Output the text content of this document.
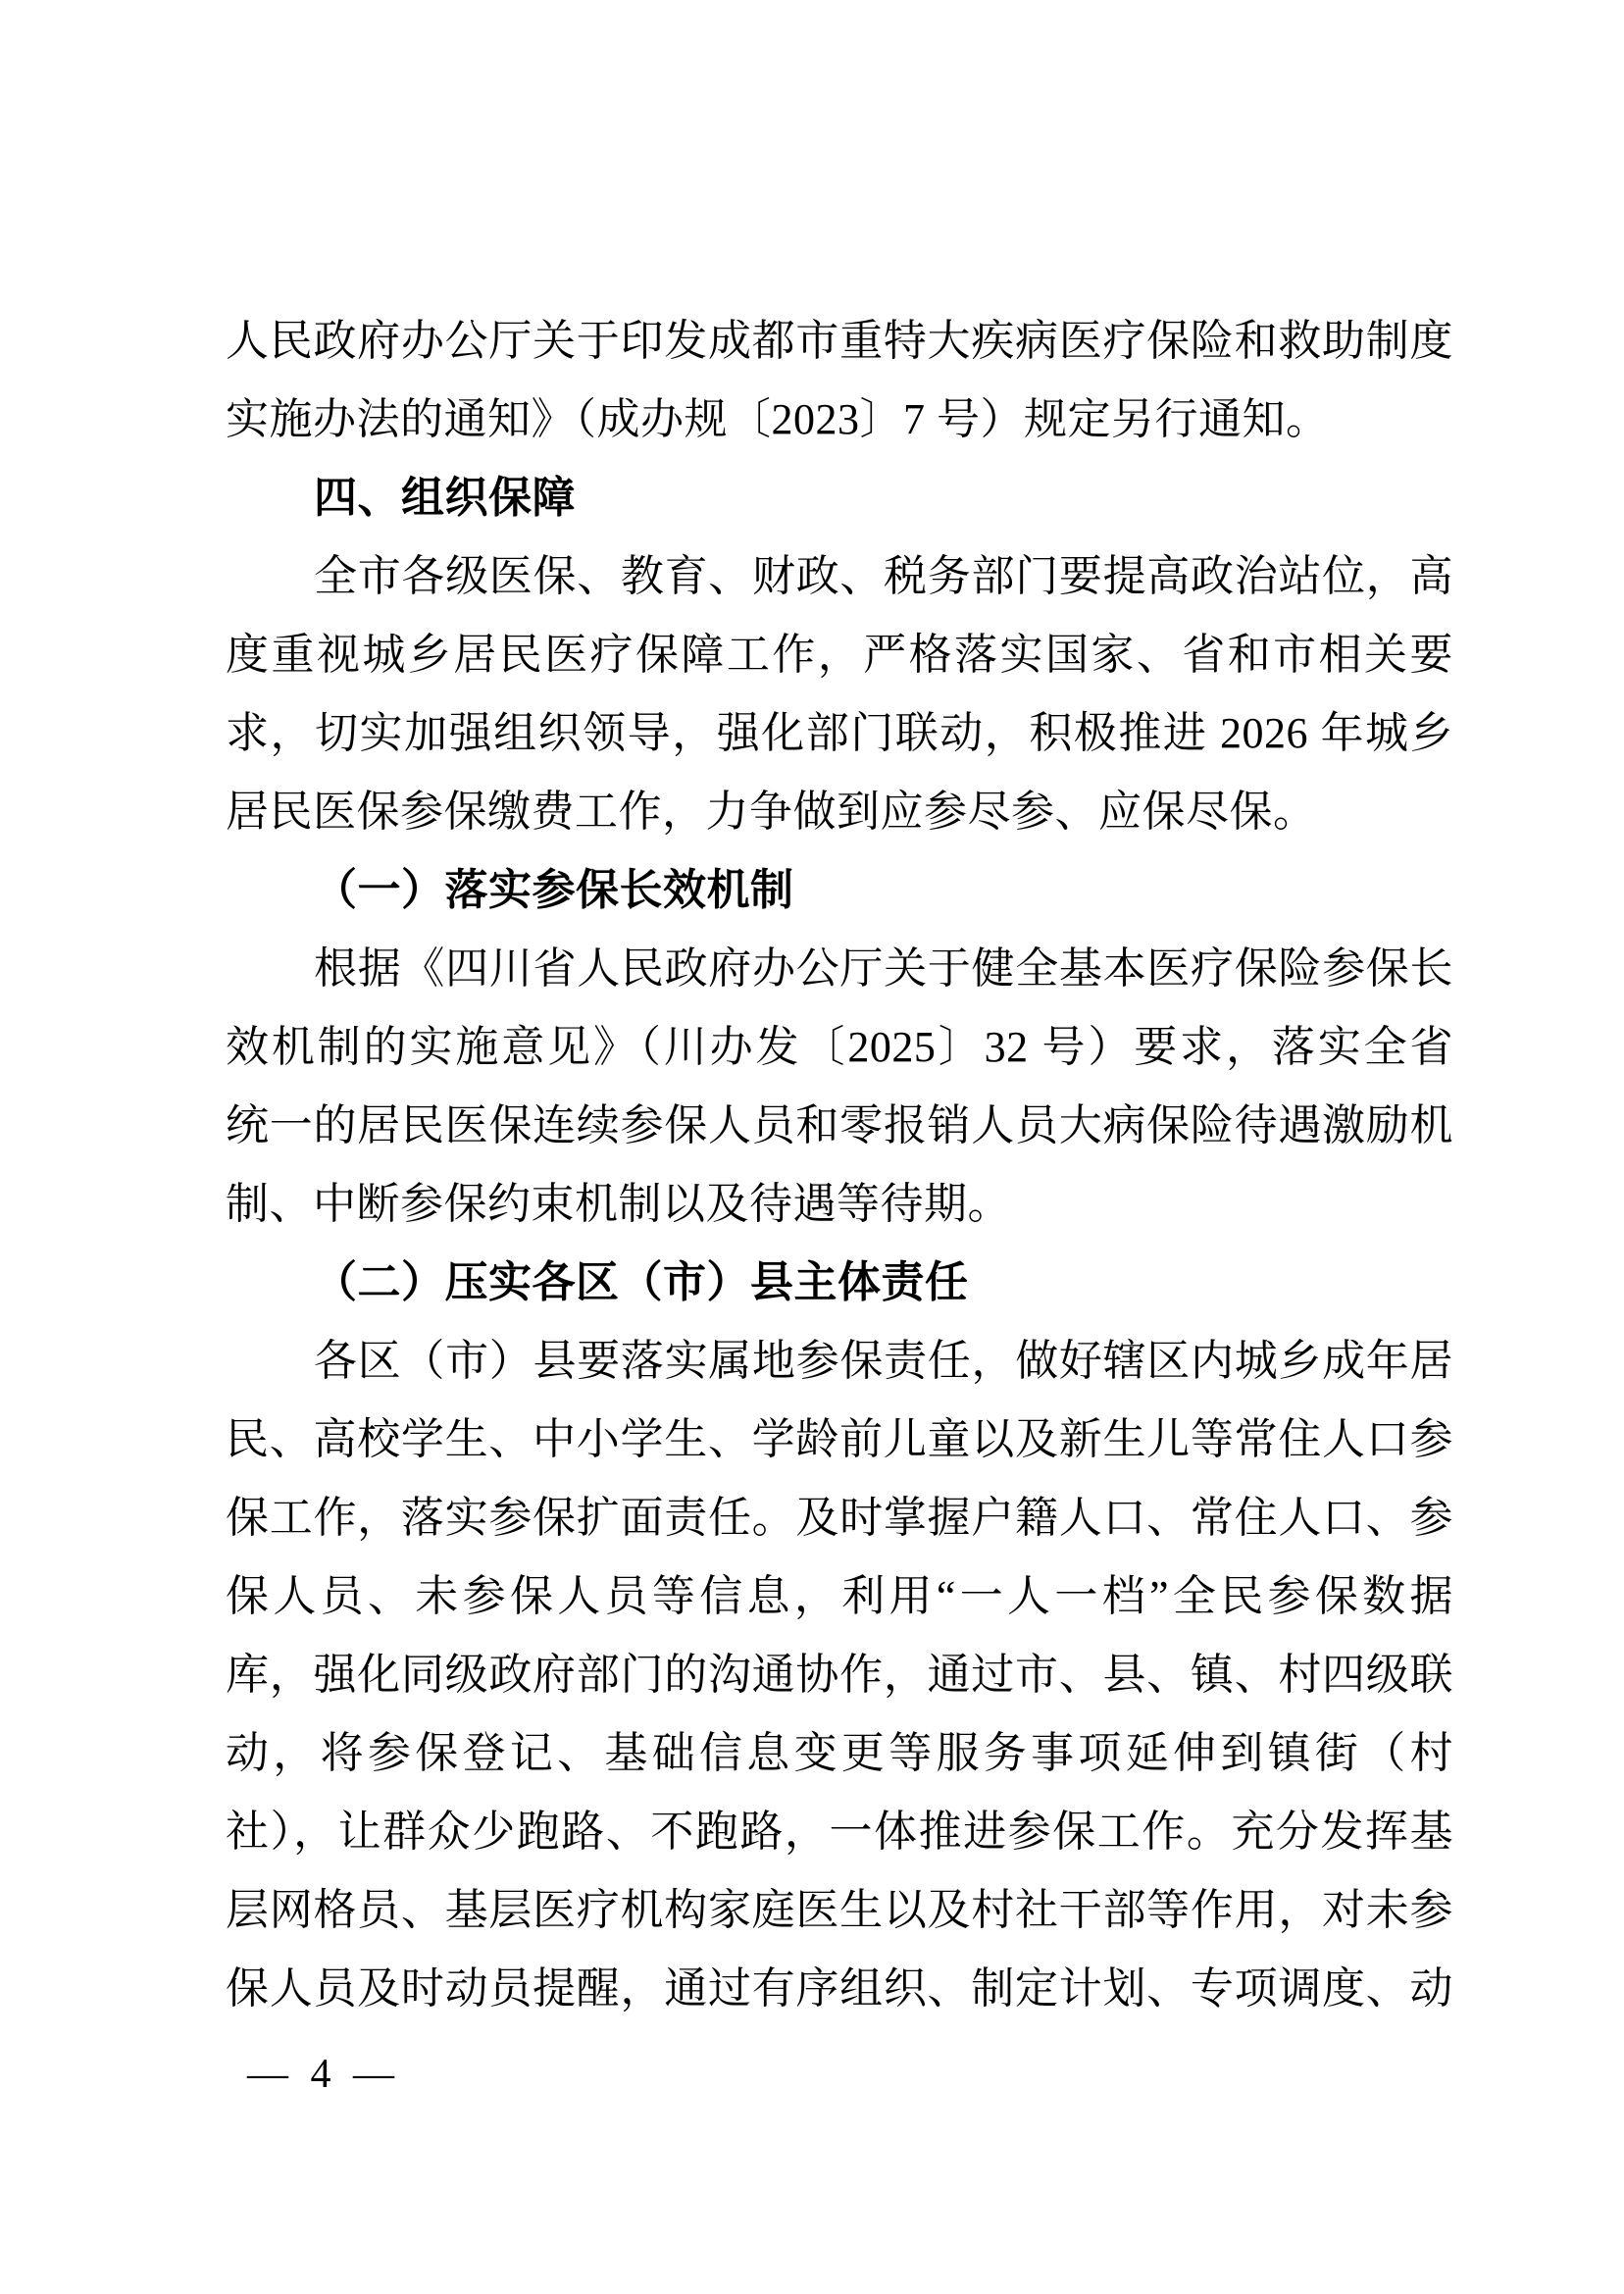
人民政府办公厅关于印发成都市重特大疾病医疗保险和救助制度
实施办法的通知》（成办规〔2023〕7 号）规定另行通知。
四、组织保障
全市各级医保、教育、财政、税务部门要提高政治站位，高
度重视城乡居民医疗保障工作，严格落实国家、省和市相关要
求，切实加强组织领导，强化部门联动，积极推进 2026 年城乡
居民医保参保缴费工作，力争做到应参尽参、应保尽保。
（一）落实参保长效机制
根据《四川省人民政府办公厅关于健全基本医疗保险参保长
效机制的实施意见》（川办发〔2025〕32 号）要求，落实全省
统一的居民医保连续参保人员和零报销人员大病保险待遇激励机
制、中断参保约束机制以及待遇等待期。
（二）压实各区（市）县主体责任
各区（市）县要落实属地参保责任，做好辖区内城乡成年居
民、高校学生、中小学生、学龄前儿童以及新生儿等常住人口参
保工作，落实参保扩面责任。及时掌握户籍人口、常住人口、参
保人员、未参保人员等信息，利用“一人一档”全民参保数据
库，强化同级政府部门的沟通协作，通过市、县、镇、村四级联
动，将参保登记、基础信息变更等服务事项延伸到镇街（村
社），让群众少跑路、不跑路，一体推进参保工作。充分发挥基
层网格员、基层医疗机构家庭医生以及村社干部等作用，对未参
保人员及时动员提醒，通过有序组织、制定计划、专项调度、动
— 4 —
